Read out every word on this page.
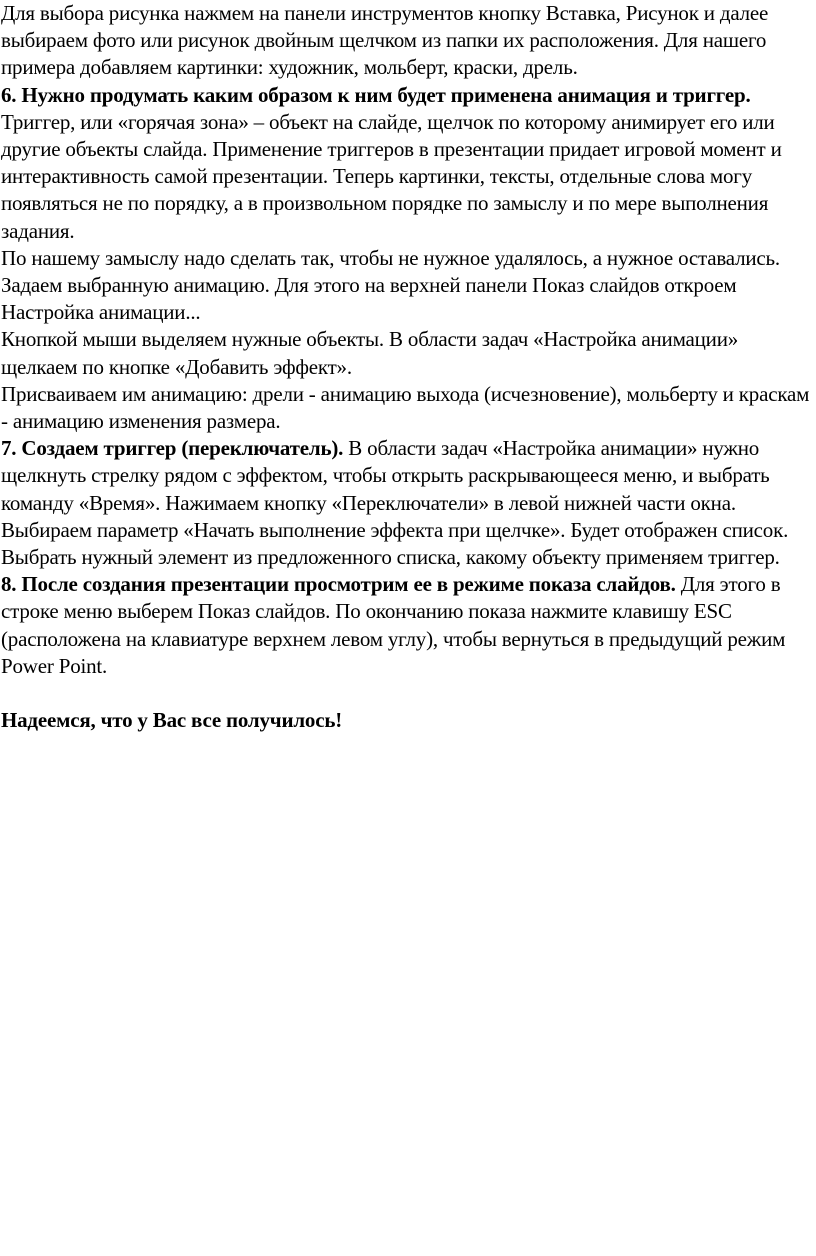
Для выбора рисунка нажмем на панели инструментов кнопку Вставка, Рисунок и далее выбираем фото или рисунок двойным щелчком из папки их расположения. Для нашего примера добавляем картинки: художник, мольберт, краски, дрель.

6. Нужно продумать каким образом к ним будет применена анимация и триггер.

Триггер, или «горячая зона» – объект на слайде, щелчок по которому анимирует его или другие объекты слайда. Применение триггеров в презентации придает игровой момент и интерактивность самой презентации. Теперь картинки, тексты, отдельные слова могу появляться не по порядку, а в произвольном порядке по замыслу и по мере выполнения задания.

По нашему замыслу надо сделать так, чтобы не нужное удалялось, а нужное оставались.

Задаем выбранную анимацию. Для этого на верхней панели Показ слайдов откроем Настройка анимации...

Кнопкой мыши выделяем нужные объекты. В области задач «Настройка анимации» щелкаем по кнопке «Добавить эффект».

Присваиваем им анимацию: дрели - анимацию выхода (исчезновение), мольберту и краскам - анимацию изменения размера.

7. Создаем триггер (переключатель). В области задач «Настройка анимации» нужно щелкнуть стрелку рядом с эффектом, чтобы открыть раскрывающееся меню, и выбрать команду «Время». Нажимаем кнопку «Переключатели» в левой нижней части окна. Выбираем параметр «Начать выполнение эффекта при щелчке». Будет отображен список. Выбрать нужный элемент из предложенного списка, какому объекту применяем триггер.

8. После создания презентации просмотрим ее в режиме показа слайдов. Для этого в строке меню выберем Показ слайдов. По окончанию показа нажмите клавишу ESC (расположена на клавиатуре верхнем левом углу), чтобы вернуться в предыдущий режим Power Point.

Надеемся, что у Вас все получилось!
